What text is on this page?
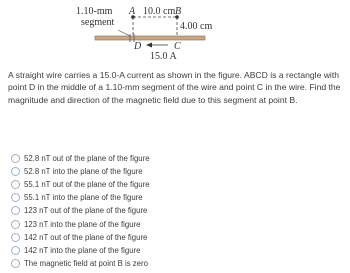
1.10-mm
segment
A 10.0 cm B
4.00 cm
D	C
15.0 A
A straight wire carries a 15.0-A current as shown in the figure. ABCD is a rectangle with point D in the middle of a 1.10-mm segment of the wire and point C in the wire. Find the magnitude and direction of the magnetic field due to this segment at point B.
52.8 nT out of the plane of the figure
52.8 nT into the plane of the figure
55.1 nT out of the plane of the figure
55.1 nT into the plane of the figure
123 nT out of the plane of the figure
123 nT into the plane of the figure
142 nT out of the plane of the figure
142 nT into the plane of the figure
The magnetic field at point B is zero
